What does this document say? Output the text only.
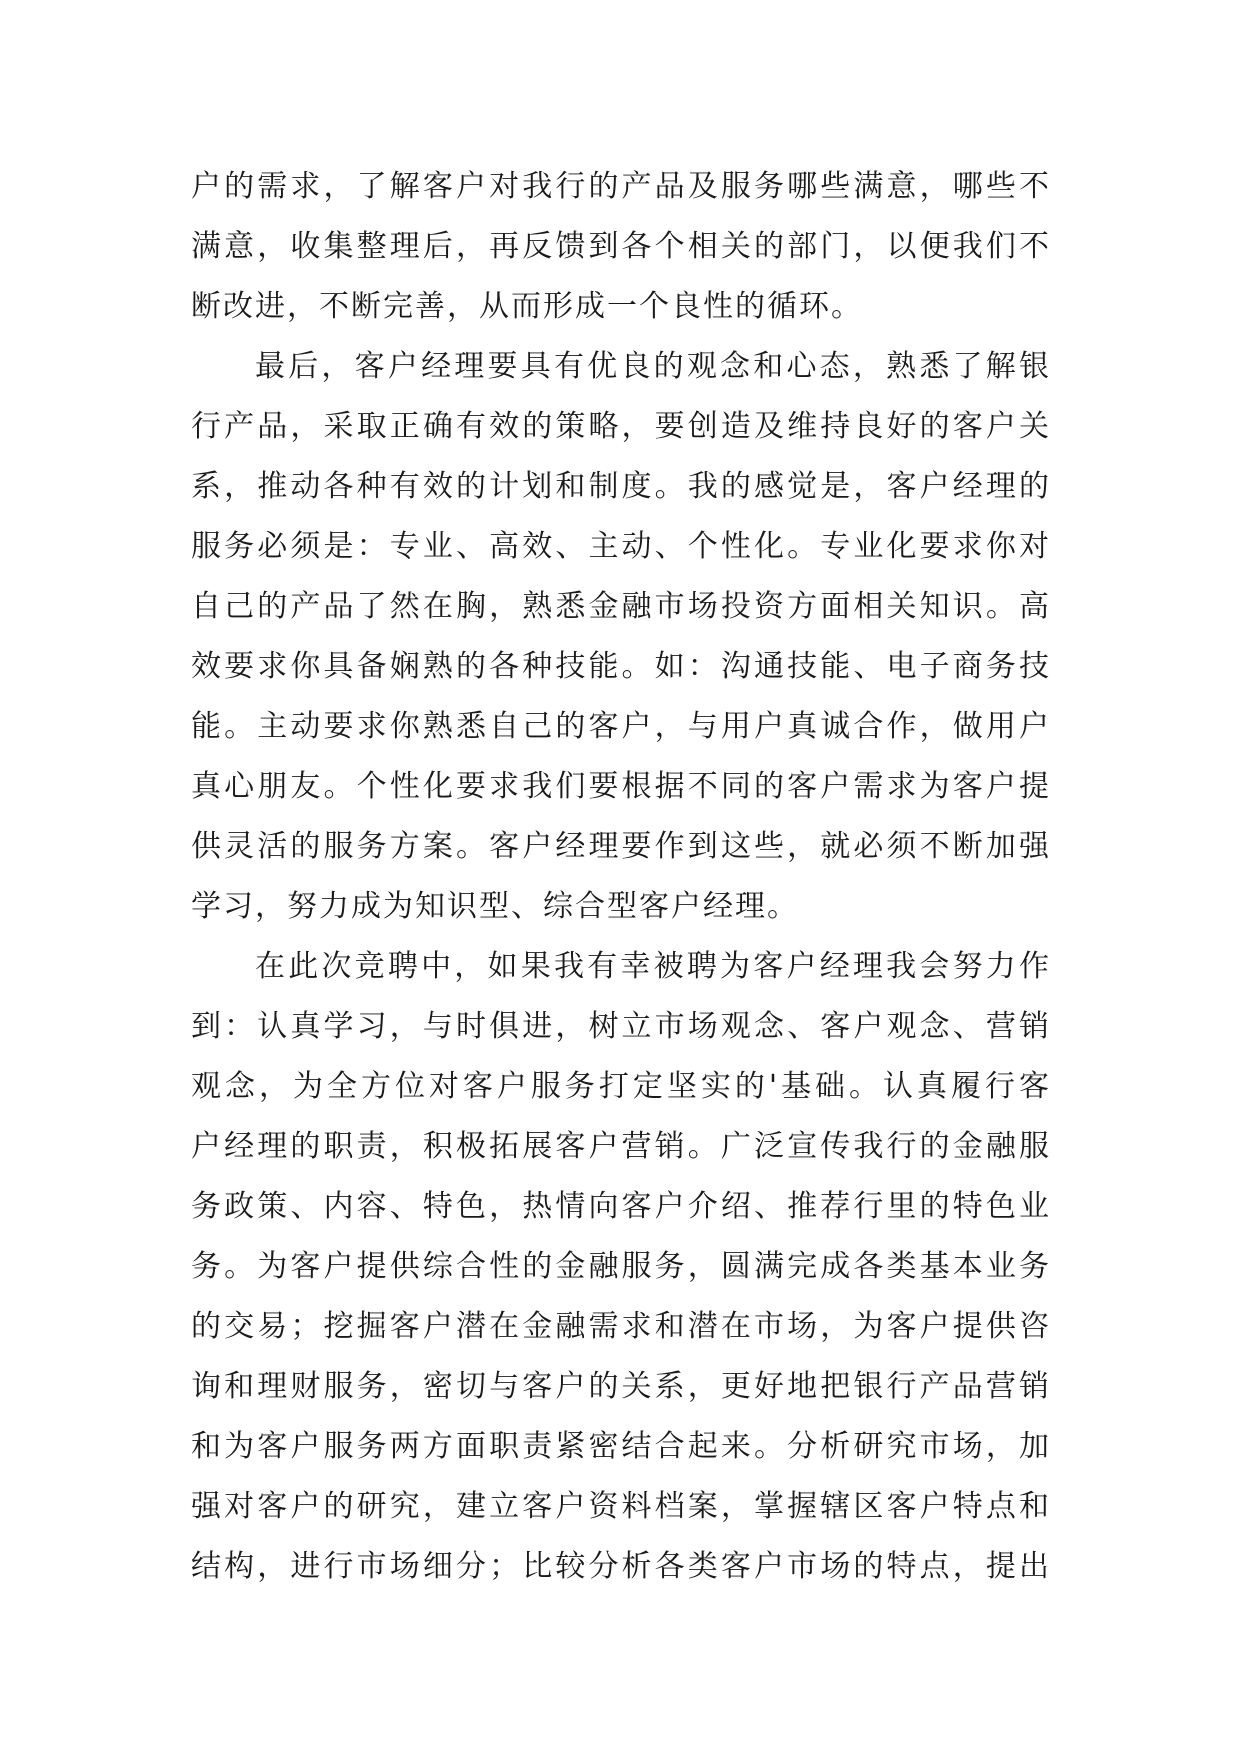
户的需求，了解客户对我行的产品及服务哪些满意，哪些不
满意，收集整理后，再反馈到各个相关的部门，以便我们不
断改进，不断完善，从而形成一个良性的循环。
最后，客户经理要具有优良的观念和心态，熟悉了解银
行产品，采取正确有效的策略，要创造及维持良好的客户关
系，推动各种有效的计划和制度。我的感觉是，客户经理的
服务必须是：专业、高效、主动、个性化。专业化要求你对
自己的产品了然在胸，熟悉金融市场投资方面相关知识。高
效要求你具备娴熟的各种技能。如：沟通技能、电子商务技
能。主动要求你熟悉自己的客户，与用户真诚合作，做用户
真心朋友。个性化要求我们要根据不同的客户需求为客户提
供灵活的服务方案。客户经理要作到这些，就必须不断加强
学习，努力成为知识型、综合型客户经理。
在此次竞聘中，如果我有幸被聘为客户经理我会努力作
到：认真学习，与时俱进，树立市场观念、客户观念、营销
观念，为全方位对客户服务打定坚实的'基础。认真履行客
户经理的职责，积极拓展客户营销。广泛宣传我行的金融服
务政策、内容、特色，热情向客户介绍、推荐行里的特色业
务。为客户提供综合性的金融服务，圆满完成各类基本业务
的交易；挖掘客户潜在金融需求和潜在市场，为客户提供咨
询和理财服务，密切与客户的关系，更好地把银行产品营销
和为客户服务两方面职责紧密结合起来。分析研究市场，加
强对客户的研究，建立客户资料档案，掌握辖区客户特点和
结构，进行市场细分；比较分析各类客户市场的特点，提出
